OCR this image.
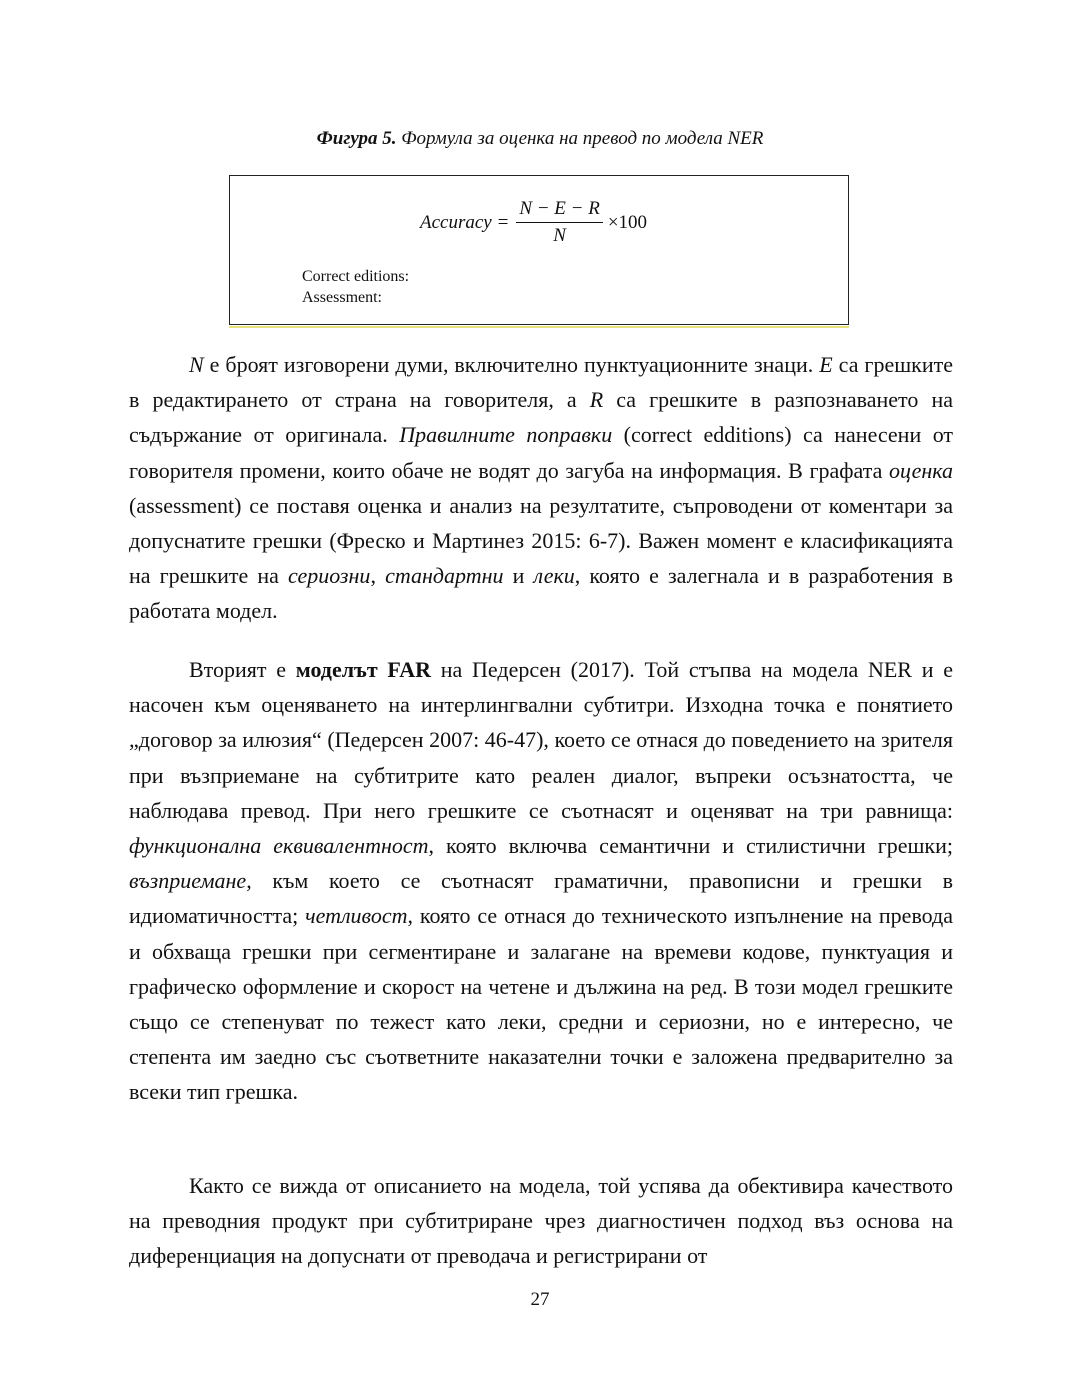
Фигура 5. Формула за оценка на превод по модела NER
Accuracy = $\frac{N - E - R}{N} \times 100$
Correct editions:
Assessment:

N е броят изговорени думи, включително пунктуационните знаци. E са грешките в редактирането от страна на говорителя, а R са грешките в разпознаването на съдържание от оригинала. Правилните поправки (correct edditions) са нанесени от говорителя промени, които обаче не водят до загуба на информация. В графата оценка (assessment) се поставя оценка и анализ на резултатите, съпроводени от коментари за допуснатите грешки (Фреско и Мартинез 2015: 6-7). Важен момент е класификацията на грешките на сериозни, стандартни и леки, която е залегнала и в разработения в работата модел.

Вторият е моделът FAR на Педерсен (2017). Той стъпва на модела NER и е насочен към оценяването на интерлингвални субтитри. Изходна точка е понятието „договор за илюзия“ (Педерсен 2007: 46-47), което се отнася до поведението на зрителя при възприемане на субтитрите като реален диалог, въпреки осъзнатостта, че наблюдава превод. При него грешките се съотнасят и оценяват на три равнища: функционална еквивалентност, която включва семантични и стилистични грешки; възприемане, към което се съотнасят граматични, правописни и грешки в идиоматичността; четливост, която се отнася до техническото изпълнение на превода и обхваща грешки при сегментиране и залагане на времеви кодове, пунктуация и графическо оформление и скорост на четене и дължина на ред. В този модел грешките също се степенуват по тежест като леки, средни и сериозни, но е интересно, че степента им заедно със съответните наказателни точки е заложена предварително за всеки тип грешка.

Както се вижда от описанието на модела, той успява да обективира качеството на преводния продукт при субтитриране чрез диагностичен подход въз основа на диференциация на допуснати от преводача и регистрирани от

27
